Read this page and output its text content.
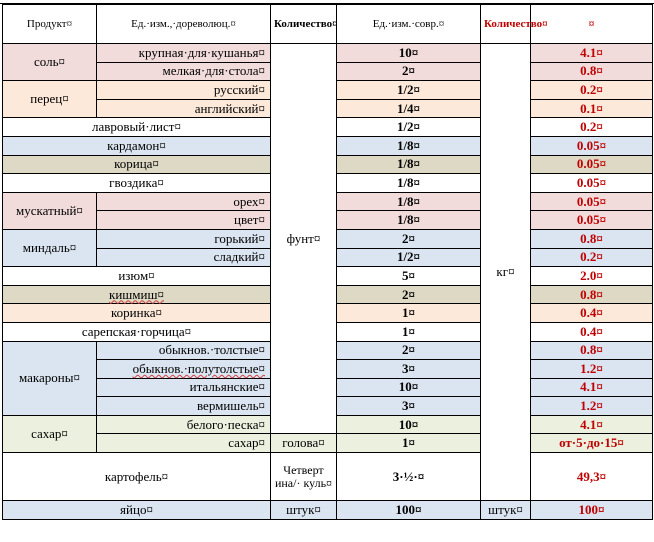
Продукт¤	Ед.·изм.,·дореволюц.¤	Количество¤	Ед.·изм.·совр.¤	Количество¤	¤
соль¤	крупная·для·кушанья¤	фунт¤	10¤	кг¤	4.1¤
	мелкая·для·стола¤		2¤		0.8¤
перец¤	русский¤		1/2¤		0.2¤
	английский¤		1/4¤		0.1¤
лавровый·лист¤			1/2¤		0.2¤
кардамон¤			1/8¤		0.05¤
корица¤			1/8¤		0.05¤
гвоздика¤			1/8¤		0.05¤
мускатный¤	орех¤		1/8¤		0.05¤
	цвет¤		1/8¤		0.05¤
миндаль¤	горький¤		2¤		0.8¤
	сладкий¤		1/2¤		0.2¤
изюм¤			5¤		2.0¤
кишмиш¤			2¤		0.8¤
коринка¤			1¤		0.4¤
сарепская·горчица¤			1¤		0.4¤
макароны¤	обыкнов.·толстые¤		2¤		0.8¤
	обыкнов.·полутолстые¤		3¤		1.2¤
	итальянские¤		10¤		4.1¤
	вермишель¤		3¤		1.2¤
сахар¤	белого·песка¤		10¤		4.1¤
	сахар¤	голова¤	1¤		от·5·до·15¤
картофель¤		Четверт ина/· куль¤	3·½·¤		49,3¤
яйцо¤		штук¤	100¤	штук¤	100¤
